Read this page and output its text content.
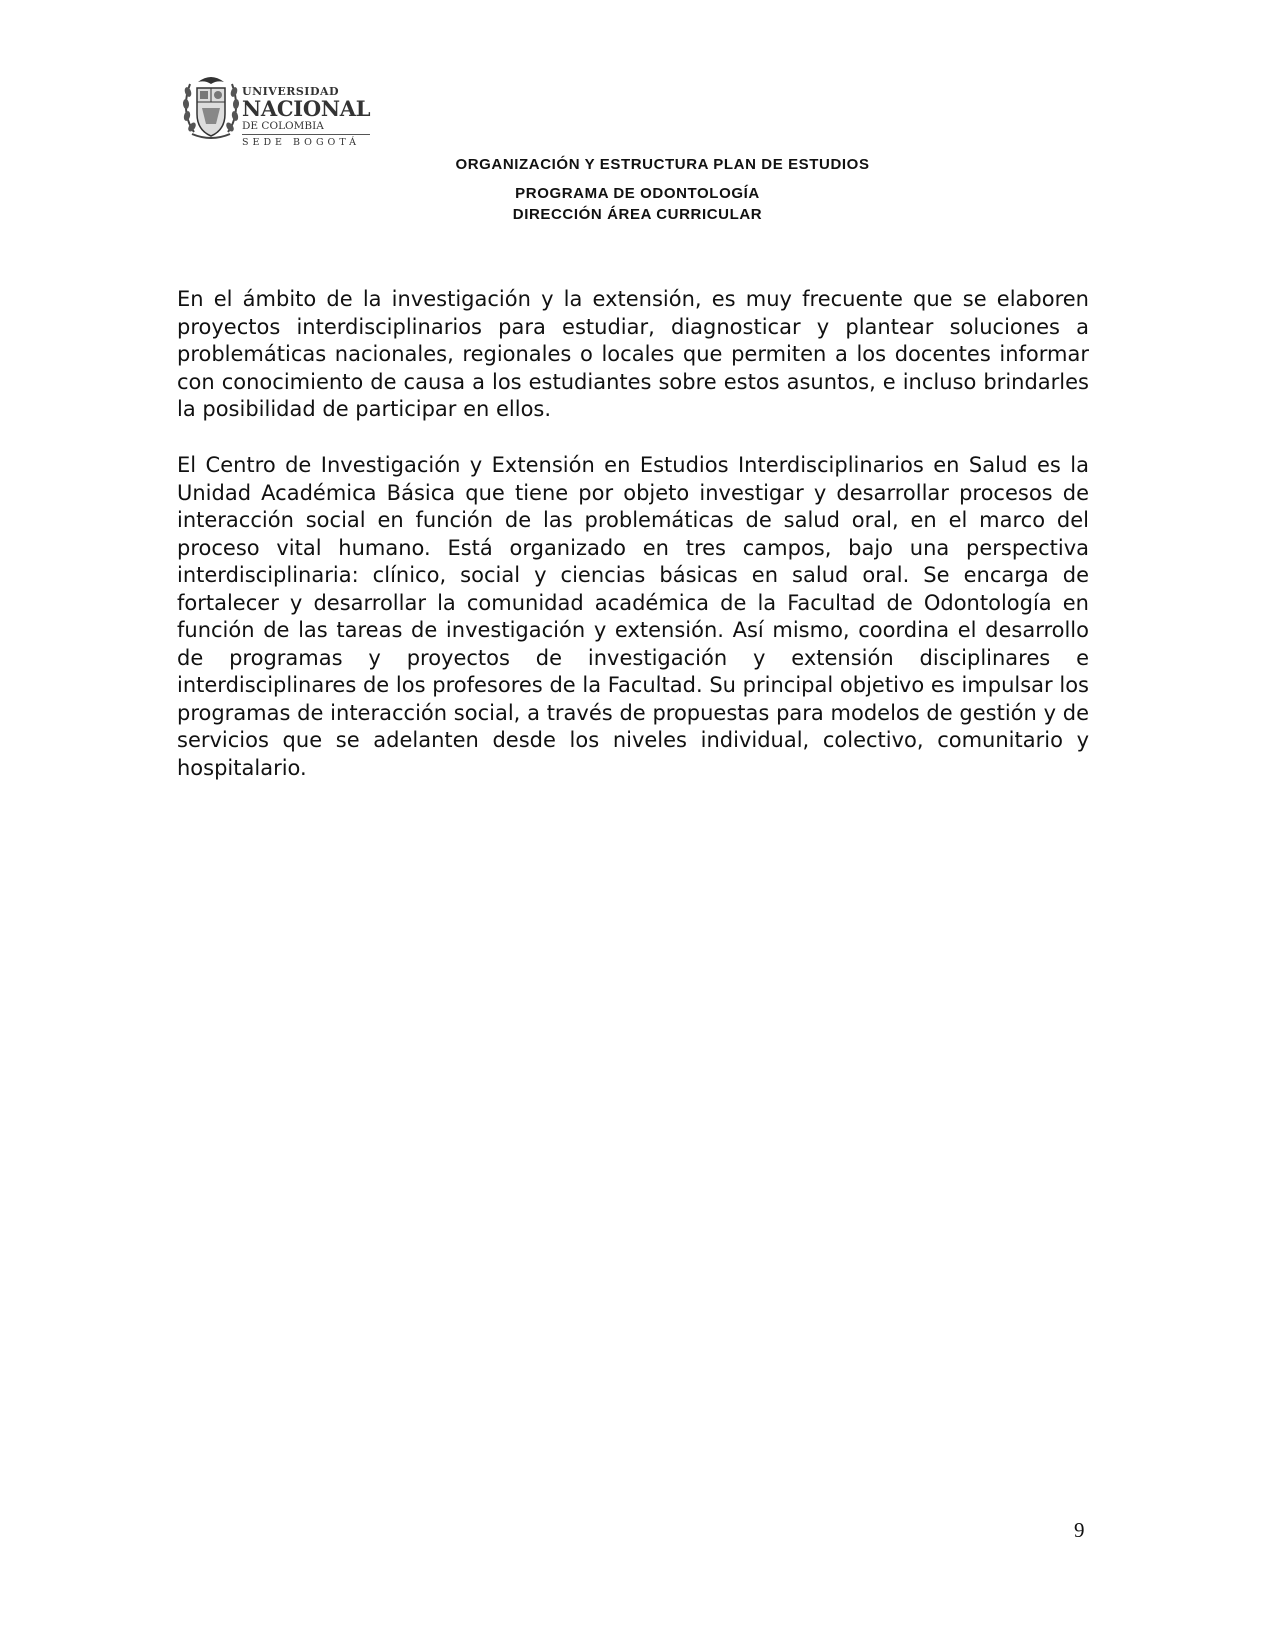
UNIVERSIDAD
NACIONAL
DE COLOMBIA
SEDE BOGOTÁ
ORGANIZACIÓN Y ESTRUCTURA PLAN DE ESTUDIOS
PROGRAMA DE ODONTOLOGÍA
DIRECCIÓN ÁREA CURRICULAR

En el ámbito de la investigación y la extensión, es muy frecuente que se elaboren proyectos interdisciplinarios para estudiar, diagnosticar y plantear soluciones a problemáticas nacionales, regionales o locales que permiten a los docentes informar con conocimiento de causa a los estudiantes sobre estos asuntos, e incluso brindarles la posibilidad de participar en ellos.

El Centro de Investigación y Extensión en Estudios Interdisciplinarios en Salud es la Unidad Académica Básica que tiene por objeto investigar y desarrollar procesos de interacción social en función de las problemáticas de salud oral, en el marco del proceso vital humano. Está organizado en tres campos, bajo una perspectiva interdisciplinaria: clínico, social y ciencias básicas en salud oral. Se encarga de fortalecer y desarrollar la comunidad académica de la Facultad de Odontología en función de las tareas de investigación y extensión. Así mismo, coordina el desarrollo de programas y proyectos de investigación y extensión disciplinares e interdisciplinares de los profesores de la Facultad. Su principal objetivo es impulsar los programas de interacción social, a través de propuestas para modelos de gestión y de servicios que se adelanten desde los niveles individual, colectivo, comunitario y hospitalario.

9
